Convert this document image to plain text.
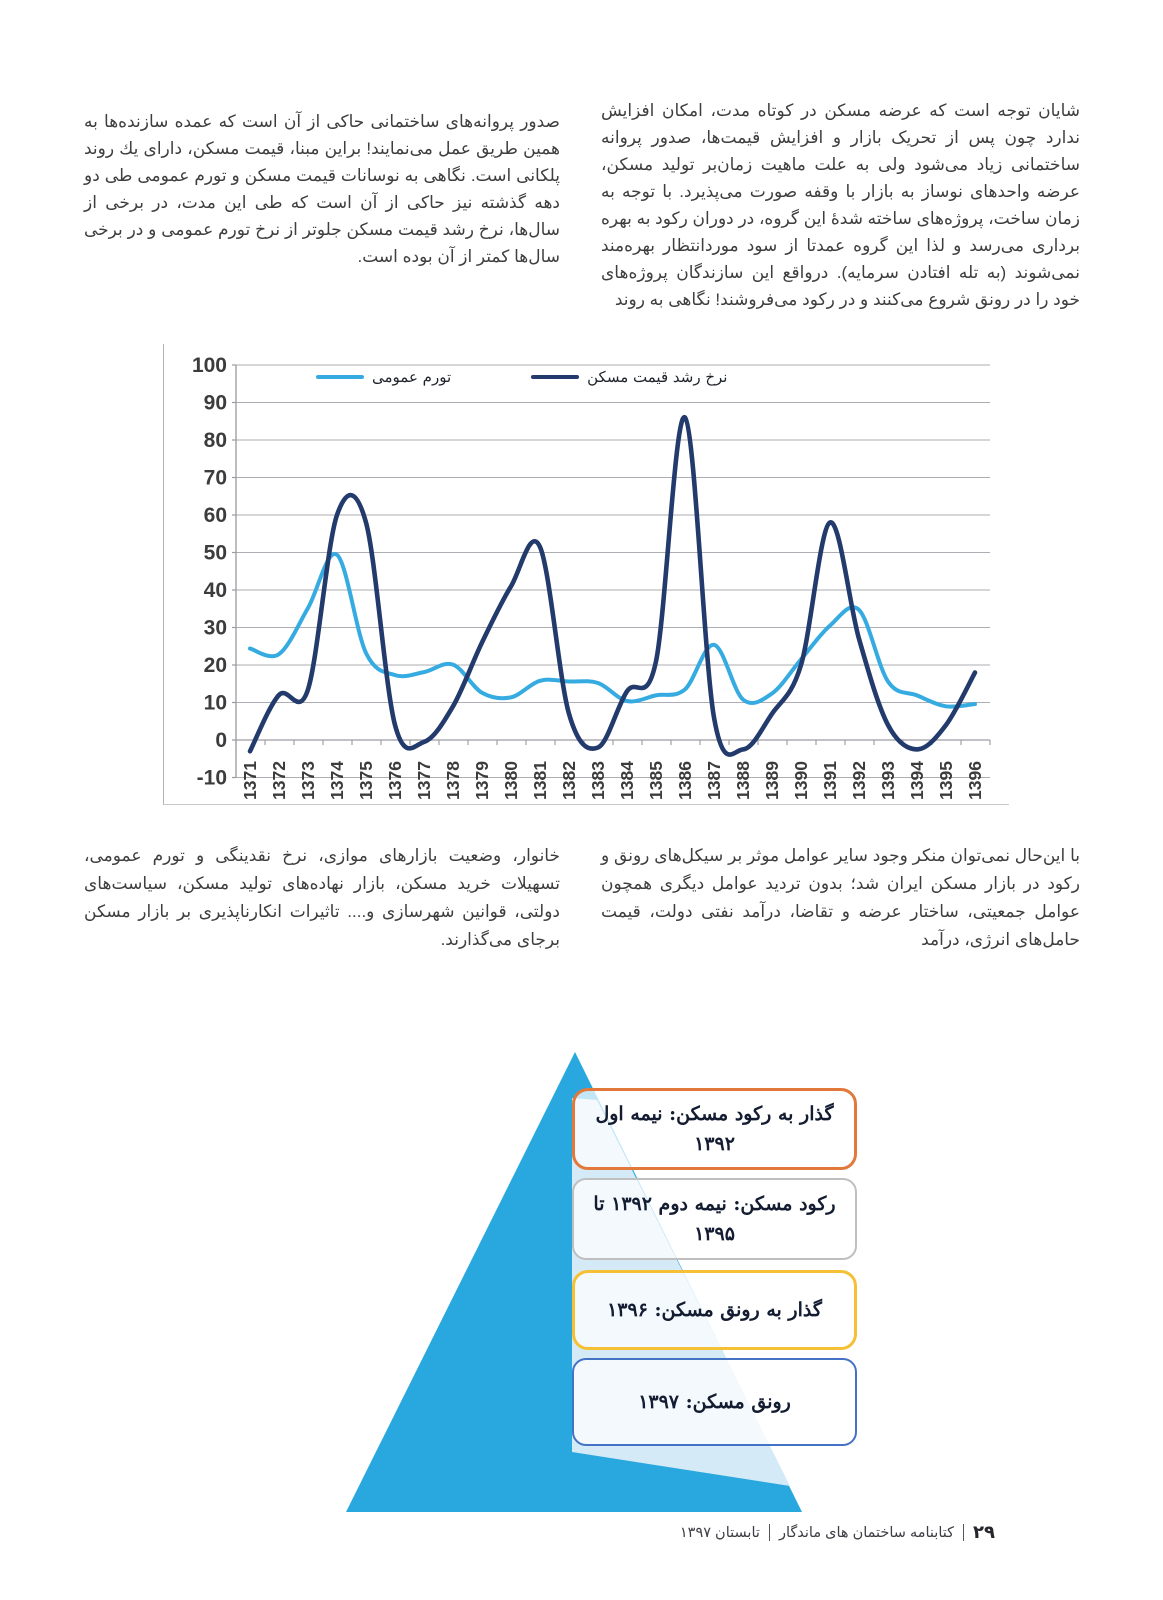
شایان توجه است که عرضه مسکن در کوتاه مدت، امکان افزایش ندارد چون پس از تحریک بازار و افزایش قیمت‌ها، صدور پروانه ساختمانی زیاد می‌شود ولی به علت ماهیت زمان‌بر تولید مسکن، عرضه واحدهای نوساز به بازار با وقفه صورت می‌پذیرد. با توجه به زمان ساخت، پروژه‌های ساخته شدهٔ این گروه، در دوران رکود به بهره برداری می‌رسد و لذا این گروه عمدتا از سود موردانتظار بهره‌مند نمی‌شوند (به تله افتادن سرمایه). درواقع این سازندگان پروژه‌های خود را در رونق شروع می‌کنند و در رکود می‌فروشند! نگاهی به روند
صدور پروانه‌های ساختمانی حاکی از آن است که عمده سازنده‌ها به همین طریق عمل می‌نمایند! براین مبنا، قیمت مسکن، دارای یك روند پلکانی است. نگاهی به نوسانات قیمت مسکن و تورم عمومی طی دو دهه گذشته نیز حاکی از آن است که طی این مدت، در برخی از سال‌ها، نرخ رشد قیمت مسکن جلوتر از نرخ تورم عمومی و در برخی سال‌ها کمتر از آن بوده است.
100
90
80
70
60
50
40
30
20
10
0
-10 1371 1372 1373 1374 1375 1376 1377 1378 1379 1380 1381 1382 1383 1384 1385 1386 1387 1388 1389 1390 1391 1392 1393 1394 1395 1396
تورم عمومی	نرخ رشد قیمت مسکن
با این‌حال نمی‌توان منکر وجود سایر عوامل موثر بر سیکل‌های رونق و رکود در بازار مسکن ایران شد؛ بدون تردید عوامل دیگری همچون عوامل جمعیتی، ساختار عرضه و تقاضا، درآمد نفتی دولت، قیمت حامل‌های انرژی، درآمد
خانوار، وضعیت بازارهای موازی، نرخ نقدینگی و تورم عمومی، تسهیلات خرید مسکن، بازار نهاده‌های تولید مسکن، سیاست‌های دولتی، قوانین شهرسازی و.... تاثیرات انکارناپذیری بر بازار مسکن برجای می‌گذارند.
گذار به رکود مسکن: نیمه اول ۱۳۹۲
رکود مسکن: نیمه دوم ۱۳۹۲ تا ۱۳۹۵
گذار به رونق مسکن: ۱۳۹۶
رونق مسکن: ۱۳۹۷
۲۹
کتابنامه ساختمان های ماندگار
تابستان ۱۳۹۷
